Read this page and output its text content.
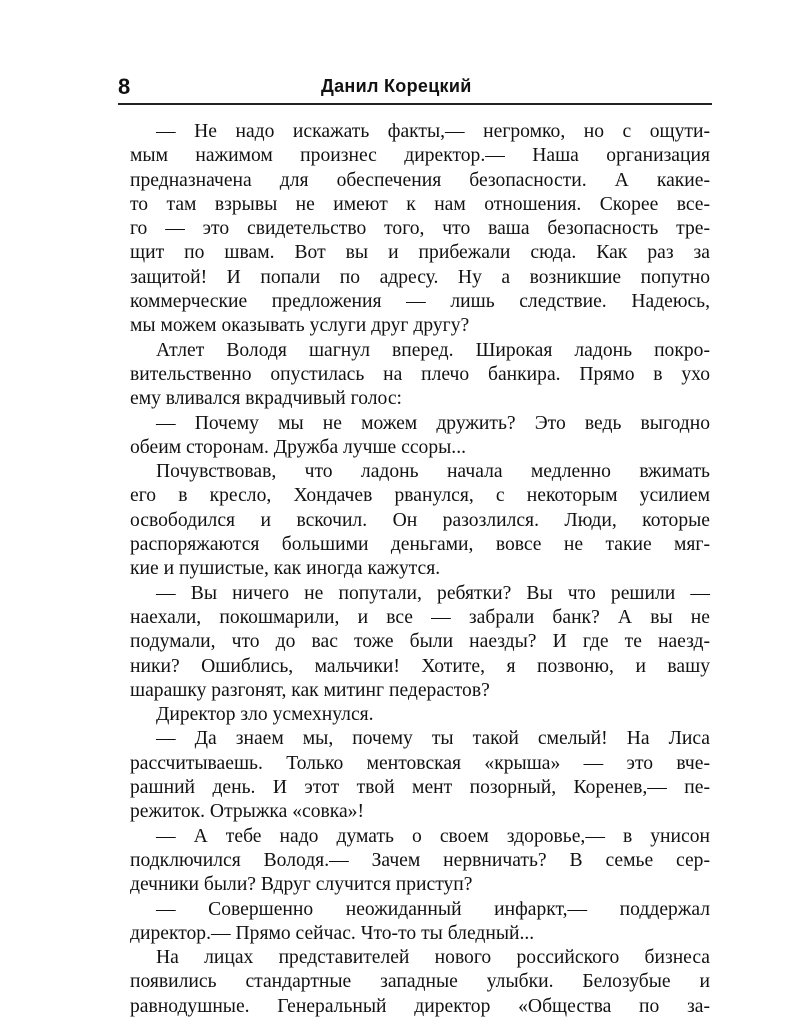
8	Данил Корецкий
— Не надо искажать факты,— негромко, но с ощути-
мым нажимом произнес директор.— Наша организация
предназначена для обеспечения безопасности. А какие-
то там взрывы не имеют к нам отношения. Скорее все-
го — это свидетельство того, что ваша безопасность тре-
щит по швам. Вот вы и прибежали сюда. Как раз за
защитой! И попали по адресу. Ну а возникшие попутно
коммерческие предложения — лишь следствие. Надеюсь,
мы можем оказывать услуги друг другу?
Атлет Володя шагнул вперед. Широкая ладонь покро-
вительственно опустилась на плечо банкира. Прямо в ухо
ему вливался вкрадчивый голос:
— Почему мы не можем дружить? Это ведь выгодно
обеим сторонам. Дружба лучше ссоры...
Почувствовав, что ладонь начала медленно вжимать
его в кресло, Хондачев рванулся, с некоторым усилием
освободился и вскочил. Он разозлился. Люди, которые
распоряжаются большими деньгами, вовсе не такие мяг-
кие и пушистые, как иногда кажутся.
— Вы ничего не попутали, ребятки? Вы что решили —
наехали, покошмарили, и все — забрали банк? А вы не
подумали, что до вас тоже были наезды? И где те наезд-
ники? Ошиблись, мальчики! Хотите, я позвоню, и вашу
шарашку разгонят, как митинг педерастов?
Директор зло усмехнулся.
— Да знаем мы, почему ты такой смелый! На Лиса
рассчитываешь. Только ментовская «крыша» — это вче-
рашний день. И этот твой мент позорный, Коренев,— пе-
режиток. Отрыжка «совка»!
— А тебе надо думать о своем здоровье,— в унисон
подключился Володя.— Зачем нервничать? В семье сер-
дечники были? Вдруг случится приступ?
— Совершенно неожиданный инфаркт,— поддержал
директор.— Прямо сейчас. Что-то ты бледный...
На лицах представителей нового российского бизнеса
появились стандартные западные улыбки. Белозубые и
равнодушные. Генеральный директор «Общества по за-
